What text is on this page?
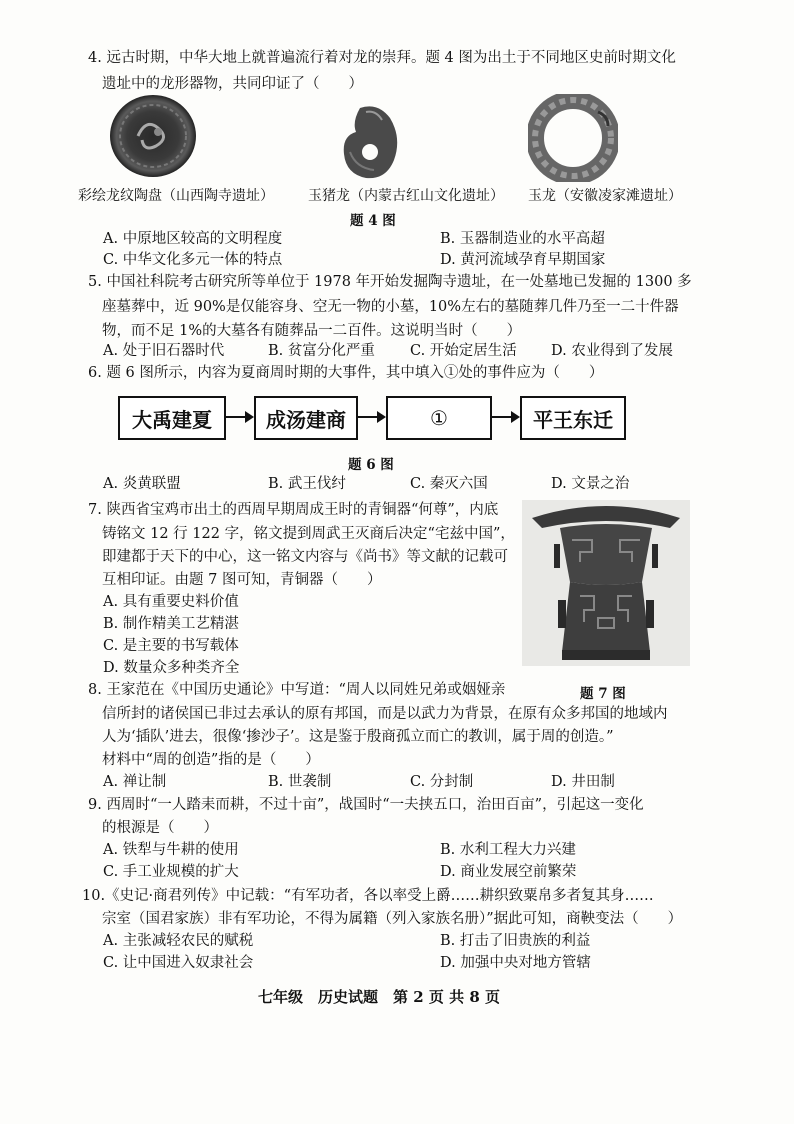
4. 远古时期，中华大地上就普遍流行着对龙的崇拜。题 4 图为出土于不同地区史前时期文化
遗址中的龙形器物，共同印证了（　　）
彩绘龙纹陶盘（山西陶寺遗址） 玉猪龙（内蒙古红山文化遗址） 玉龙（安徽凌家滩遗址）
题 4 图
A. 中原地区较高的文明程度	B. 玉器制造业的水平高超
C. 中华文化多元一体的特点	D. 黄河流域孕育早期国家
5. 中国社科院考古研究所等单位于 1978 年开始发掘陶寺遗址，在一处墓地已发掘的 1300 多
座墓葬中，近 90%是仅能容身、空无一物的小墓，10%左右的墓随葬几件乃至一二十件器
物，而不足 1%的大墓各有随葬品一二百件。这说明当时（　　）
A. 处于旧石器时代	B. 贫富分化严重 C. 开始定居生活 D. 农业得到了发展
6. 题 6 图所示，内容为夏商周时期的大事件，其中填入①处的事件应为（　　）
大禹建夏	成汤建商	①	平王东迁
题 6 图
A. 炎黄联盟	B. 武王伐纣	C. 秦灭六国	D. 文景之治
7. 陕西省宝鸡市出土的西周早期周成王时的青铜器“何尊”，内底
铸铭文 12 行 122 字，铭文提到周武王灭商后决定“宅兹中国”，
即建都于天下的中心，这一铭文内容与《尚书》等文献的记载可
互相印证。由题 7 图可知，青铜器（　　）
A. 具有重要史料价值
B. 制作精美工艺精湛
C. 是主要的书写载体
D. 数量众多种类齐全
题 7 图
8. 王家范在《中国历史通论》中写道：“周人以同姓兄弟或姻娅亲
信所封的诸侯国已非过去承认的原有邦国，而是以武力为背景，在原有众多邦国的地域内
人为‘插队’进去，很像‘掺沙子’。这是鉴于殷商孤立而亡的教训，属于周的创造。”
材料中“周的创造”指的是（　　）
A. 禅让制	B. 世袭制	C. 分封制	D. 井田制
9. 西周时“一人踏耒而耕，不过十亩”，战国时“一夫挟五口，治田百亩”，引起这一变化
的根源是（　　）
A. 铁犁与牛耕的使用	B. 水利工程大力兴建
C. 手工业规模的扩大	D. 商业发展空前繁荣
10.《史记·商君列传》中记载：“有军功者，各以率受上爵……耕织致粟帛多者复其身……
宗室（国君家族）非有军功论，不得为属籍（列入家族名册）”据此可知，商鞅变法（　　）
A. 主张减轻农民的赋税	B. 打击了旧贵族的利益
C. 让中国进入奴隶社会	D. 加强中央对地方管辖
七年级　历史试题　第 2 页 共 8 页
